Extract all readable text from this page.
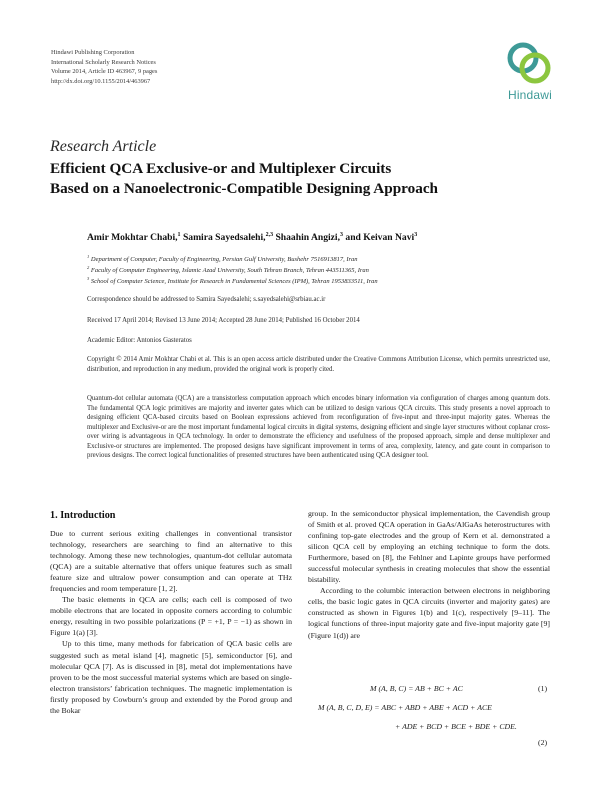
Hindawi Publishing Corporation
International Scholarly Research Notices
Volume 2014, Article ID 463967, 9 pages
http://dx.doi.org/10.1155/2014/463967
Hindawi
Research Article
Efficient QCA Exclusive-or and Multiplexer Circuits
Based on a Nanoelectronic-Compatible Designing Approach
Amir Mokhtar Chabi,$^1$ Samira Sayedsalehi,$^{2,3}$ Shaahin Angizi,$^3$ and Keivan Navi$^3$
$^1$ Department of Computer, Faculty of Engineering, Persian Gulf University, Bushehr 7516913817, Iran
$^2$ Faculty of Computer Engineering, Islamic Azad University, South Tehran Branch, Tehran 443511365, Iran
$^3$ School of Computer Science, Institute for Research in Fundamental Sciences (IPM), Tehran 1953833511, Iran
Correspondence should be addressed to Samira Sayedsalehi; s.sayedsalehi@srbiau.ac.ir
Received 17 April 2014; Revised 13 June 2014; Accepted 28 June 2014; Published 16 October 2014
Academic Editor: Antonios Gasteratos
Copyright © 2014 Amir Mokhtar Chabi et al. This is an open access article distributed under the Creative Commons Attribution License, which permits unrestricted use, distribution, and reproduction in any medium, provided the original work is properly cited.
Quantum-dot cellular automata (QCA) are a transistorless computation approach which encodes binary information via configuration of charges among quantum dots. The fundamental QCA logic primitives are majority and inverter gates which can be utilized to design various QCA circuits. This study presents a novel approach to designing efficient QCA-based circuits based on Boolean expressions achieved from reconfiguration of five-input and three-input majority gates. Whereas the multiplexer and Exclusive-or are the most important fundamental logical circuits in digital systems, designing efficient and single layer structures without coplanar cross-over wiring is advantageous in QCA technology. In order to demonstrate the efficiency and usefulness of the proposed approach, simple and dense multiplexer and Exclusive-or structures are implemented. The proposed designs have significant improvement in terms of area, complexity, latency, and gate count in comparison to previous designs. The correct logical functionalities of presented structures have been authenticated using QCA designer tool.
1. Introduction

Due to current serious exiting challenges in conventional transistor technology, researchers are searching to find an alternative to this technology. Among these new technologies, quantum-dot cellular automata (QCA) are a suitable alternative that offers unique features such as small feature size and ultralow power consumption and can operate at THz frequencies and room temperature [1, 2].

The basic elements in QCA are cells; each cell is composed of two mobile electrons that are located in opposite corners according to columbic energy, resulting in two possible polarizations (P = +1, P = −1) as shown in Figure 1(a) [3].

Up to this time, many methods for fabrication of QCA basic cells are suggested such as metal island [4], magnetic [5], semiconductor [6], and molecular QCA [7]. As is discussed in [8], metal dot implementations have proven to be the most successful material systems which are based on single-electron transistors’ fabrication techniques. The magnetic implementation is firstly proposed by Cowburn’s group and extended by the Porod group and the Bokar

group. In the semiconductor physical implementation, the Cavendish group of Smith et al. proved QCA operation in GaAs/AlGaAs heterostructures with confining top-gate electrodes and the group of Kern et al. demonstrated a silicon QCA cell by employing an etching technique to form the dots. Furthermore, based on [8], the Fehlner and Lapinte groups have performed successful molecular synthesis in creating molecules that show the essential bistability.

According to the columbic interaction between electrons in neighboring cells, the basic logic gates in QCA circuits (inverter and majority gates) are constructed as shown in Figures 1(b) and 1(c), respectively [9–11]. The logical functions of three-input majority gate and five-input majority gate [9] (Figure 1(d)) are

M (A, B, C) = AB + BC + AC	(1)
M (A, B, C, D, E) = ABC + ABD + ABE + ACD + ACE
+ ADE + BCD + BCE + BDE + CDE.
(2)
